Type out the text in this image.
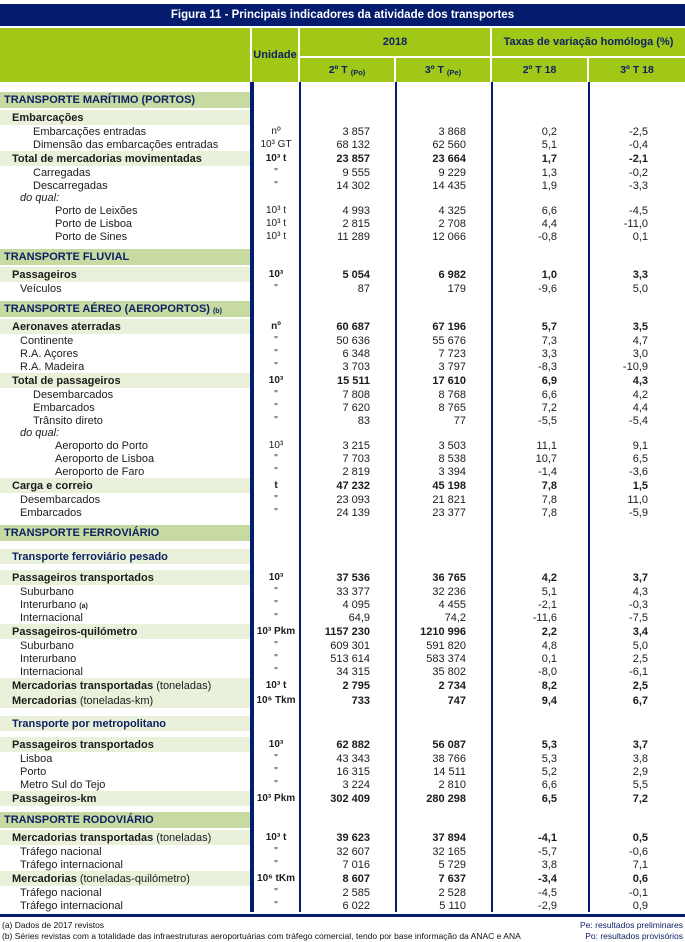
Figura 11 - Principais indicadores da atividade dos transportes
Unidade
2018	Taxas de variação homóloga (%)
2º T (Po)	3º T (Pe)	2º T 18	3º T 18
TRANSPORTE MARÍTIMO (PORTOS)
Embarcações
Embarcações entradas	nº	3 857	3 868	0,2	-2,5
Dimensão das embarcações entradas	10³ GT	68 132	62 560	5,1	-0,4
Total de mercadorias movimentadas	10³ t	23 857	23 664	1,7	-2,1
Carregadas	"	9 555	9 229	1,3	-0,2
Descarregadas	"	14 302	14 435	1,9	-3,3
do qual:
Porto de Leixões	10³ t	4 993	4 325	6,6	-4,5
Porto de Lisboa	10³ t	2 815	2 708	4,4	-11,0
Porto de Sines	10³ t	11 289	12 066	-0,8	0,1
TRANSPORTE FLUVIAL
Passageiros	10³	5 054	6 982	1,0	3,3
Veículos	"	87	179	-9,6	5,0
TRANSPORTE AÉREO (AEROPORTOS) (b)
Aeronaves aterradas	nº	60 687	67 196	5,7	3,5
Continente	"	50 636	55 676	7,3	4,7
R.A. Açores	"	6 348	7 723	3,3	3,0
R.A. Madeira	"	3 703	3 797	-8,3	-10,9
Total de passageiros	10³	15 511	17 610	6,9	4,3
Desembarcados	"	7 808	8 768	6,6	4,2
Embarcados	"	7 620	8 765	7,2	4,4
Trânsito direto	"	83	77	-5,5	-5,4
do qual:
Aeroporto do Porto	10³	3 215	3 503	11,1	9,1
Aeroporto de Lisboa	"	7 703	8 538	10,7	6,5
Aeroporto de Faro	"	2 819	3 394	-1,4	-3,6
Carga e correio	t	47 232	45 198	7,8	1,5
Desembarcados	"	23 093	21 821	7,8	11,0
Embarcados	"	24 139	23 377	7,8	-5,9
TRANSPORTE FERROVIÁRIO
Transporte ferroviário pesado
Passageiros transportados	10³	37 536	36 765	4,2	3,7
Suburbano	"	33 377	32 236	5,1	4,3
Interurbano (a)	"	4 095	4 455	-2,1	-0,3
Internacional	"	64,9	74,2	-11,6	-7,5
Passageiros-quilómetro	10³ Pkm	1157 230	1210 996	2,2	3,4
Suburbano	"	609 301	591 820	4,8	5,0
Interurbano	"	513 614	583 374	0,1	2,5
Internacional	"	34 315	35 802	-8,0	-6,1
Mercadorias transportadas (toneladas)	10³ t	2 795	2 734	8,2	2,5
Mercadorias (toneladas-km)	10⁶ Tkm	733	747	9,4	6,7
Transporte por metropolitano
Passageiros transportados	10³	62 882	56 087	5,3	3,7
Lisboa	"	43 343	38 766	5,3	3,8
Porto	"	16 315	14 511	5,2	2,9
Metro Sul do Tejo	"	3 224	2 810	6,6	5,5
Passageiros-km	10³ Pkm	302 409	280 298	6,5	7,2
TRANSPORTE RODOVIÁRIO
Mercadorias transportadas (toneladas)	10³ t	39 623	37 894	-4,1	0,5
Tráfego nacional	"	32 607	32 165	-5,7	-0,6
Tráfego internacional	"	7 016	5 729	3,8	7,1
Mercadorias (toneladas-quilómetro)	10⁶ tKm	8 607	7 637	-3,4	0,6
Tráfego nacional	"	2 585	2 528	-4,5	-0,1
Tráfego internacional	"	6 022	5 110	-2,9	0,9
(a) Dados de 2017 revistos
(b) Séries revistas com a totalidade das infraestruturas aeroportuárias com tráfego comercial, tendo por base informação da ANAC e ANA
Pe: resultados preliminares
Po: resultados provisórios
